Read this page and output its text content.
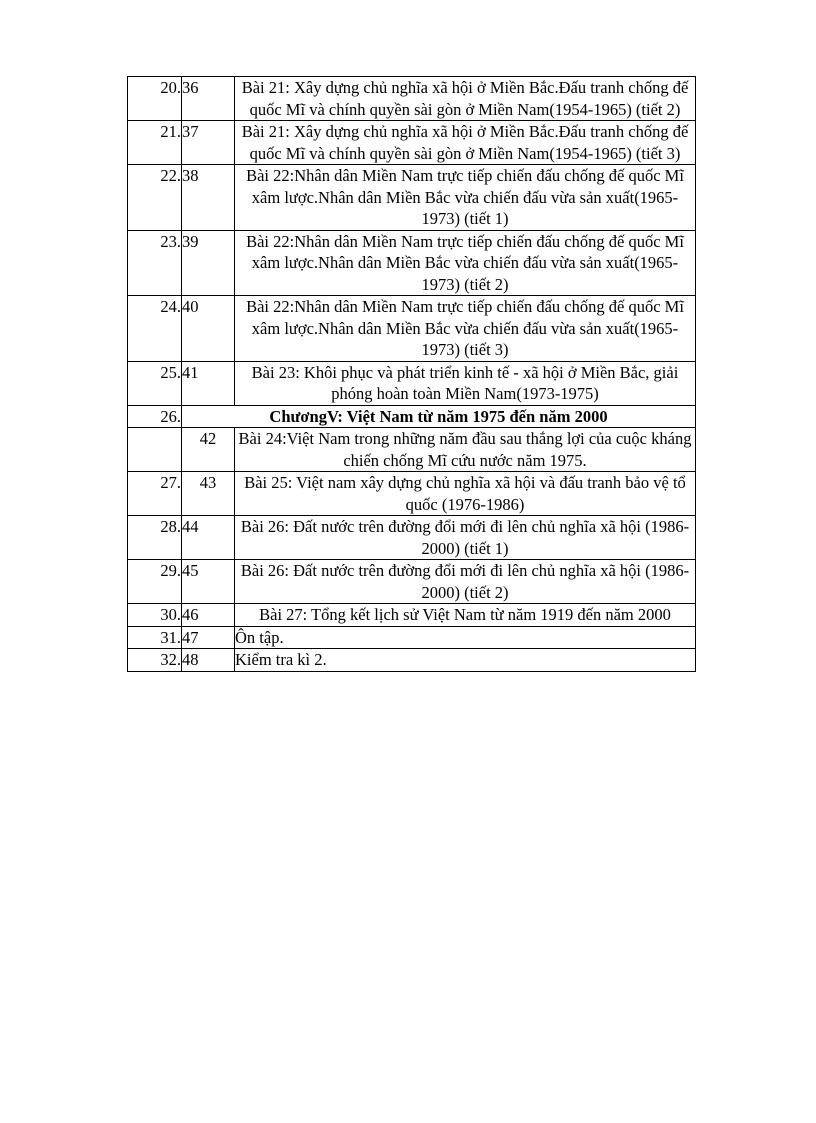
20.	36	Bài 21: Xây dựng chủ nghĩa xã hội ở Miền Bắc.Đấu tranh chống đế quốc Mĩ và chính quyền sài gòn ở Miền Nam(1954-1965) (tiết 2)
21.	37	Bài 21: Xây dựng chủ nghĩa xã hội ở Miền Bắc.Đấu tranh chống đế quốc Mĩ và chính quyền sài gòn ở Miền Nam(1954-1965) (tiết 3)
22.	38	Bài 22:Nhân dân Miền Nam trực tiếp chiến đấu chống đế quốc Mĩ xâm lược.Nhân dân Miền Bắc vừa chiến đấu vừa sản xuất(1965-1973) (tiết 1)
23.	39	Bài 22:Nhân dân Miền Nam trực tiếp chiến đấu chống đế quốc Mĩ xâm lược.Nhân dân Miền Bắc vừa chiến đấu vừa sản xuất(1965-1973) (tiết 2)
24.	40	Bài 22:Nhân dân Miền Nam trực tiếp chiến đấu chống đế quốc Mĩ xâm lược.Nhân dân Miền Bắc vừa chiến đấu vừa sản xuất(1965-1973) (tiết 3)
25.	41	Bài 23: Khôi phục và phát triển kinh tế - xã hội ở Miền Bắc, giải phóng hoàn toàn Miền Nam(1973-1975)
26.	ChươngV: Việt Nam từ năm 1975 đến năm 2000	
	42	Bài 24:Việt Nam trong những năm đầu sau thắng lợi của cuộc kháng chiến chống Mĩ cứu nước năm 1975.
27.	43	Bài 25: Việt nam xây dựng chủ nghĩa xã hội và đấu tranh bảo vệ tổ quốc (1976-1986)
28.	44	Bài 26: Đất nước trên đường đổi mới đi lên chủ nghĩa xã hội (1986-2000) (tiết 1)
29.	45	Bài 26: Đất nước trên đường đổi mới đi lên chủ nghĩa xã hội (1986-2000) (tiết 2)
30.	46	Bài 27: Tổng kết lịch sử Việt Nam từ năm 1919 đến năm 2000
31.	47	Ôn tập.
32.	48	Kiểm tra kì 2.
